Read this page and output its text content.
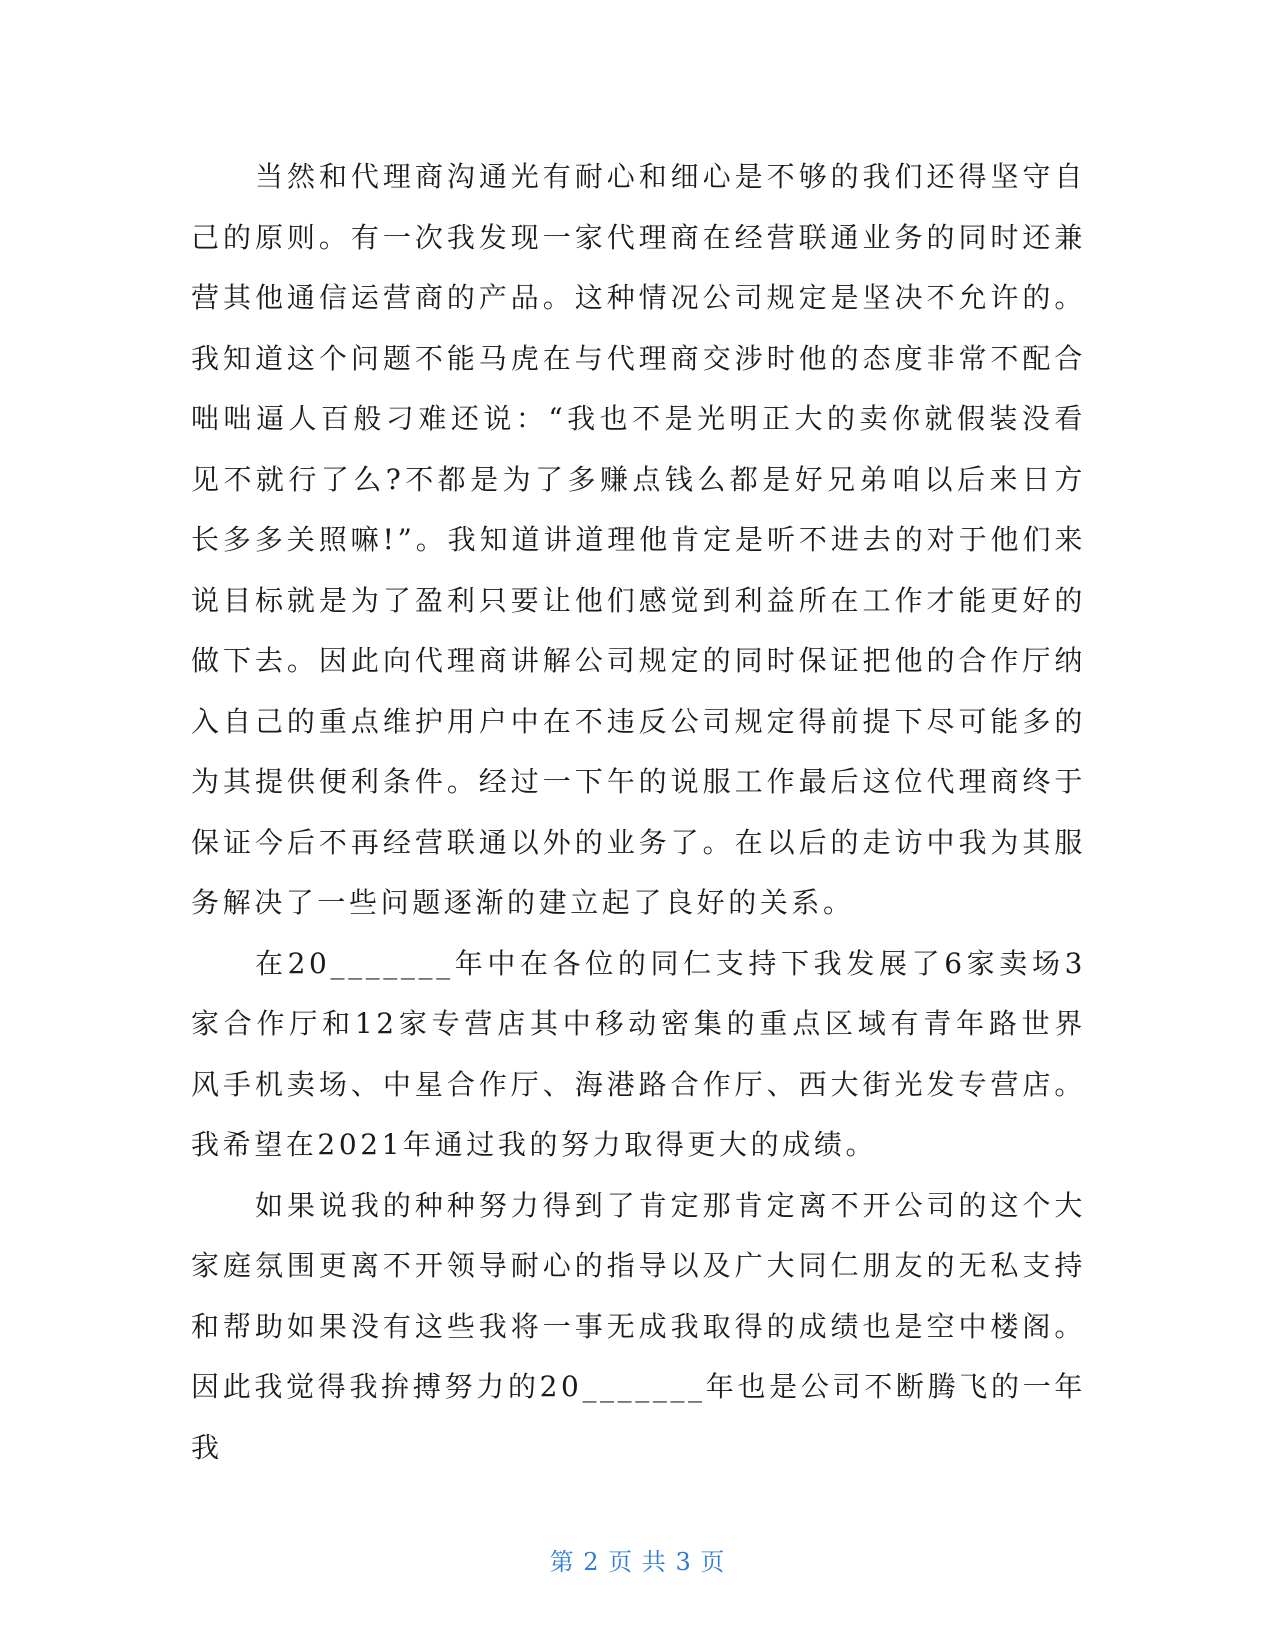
当然和代理商沟通光有耐心和细心是不够的我们还得坚守自己的原则。有一次我发现一家代理商在经营联通业务的同时还兼营其他通信运营商的产品。这种情况公司规定是坚决不允许的。我知道这个问题不能马虎在与代理商交涉时他的态度非常不配合咄咄逼人百般刁难还说：“我也不是光明正大的卖你就假装没看见不就行了么?不都是为了多赚点钱么都是好兄弟咱以后来日方长多多关照嘛!”。我知道讲道理他肯定是听不进去的对于他们来说目标就是为了盈利只要让他们感觉到利益所在工作才能更好的做下去。因此向代理商讲解公司规定的同时保证把他的合作厅纳入自己的重点维护用户中在不违反公司规定得前提下尽可能多的为其提供便利条件。经过一下午的说服工作最后这位代理商终于保证今后不再经营联通以外的业务了。在以后的走访中我为其服务解决了一些问题逐渐的建立起了良好的关系。

在20_______年中在各位的同仁支持下我发展了6家卖场3家合作厅和12家专营店其中移动密集的重点区域有青年路世界风手机卖场、中星合作厅、海港路合作厅、西大街光发专营店。我希望在2021年通过我的努力取得更大的成绩。

如果说我的种种努力得到了肯定那肯定离不开公司的这个大家庭氛围更离不开领导耐心的指导以及广大同仁朋友的无私支持和帮助如果没有这些我将一事无成我取得的成绩也是空中楼阁。因此我觉得我拚搏努力的20_______年也是公司不断腾飞的一年我

第 2 页 共 3 页
